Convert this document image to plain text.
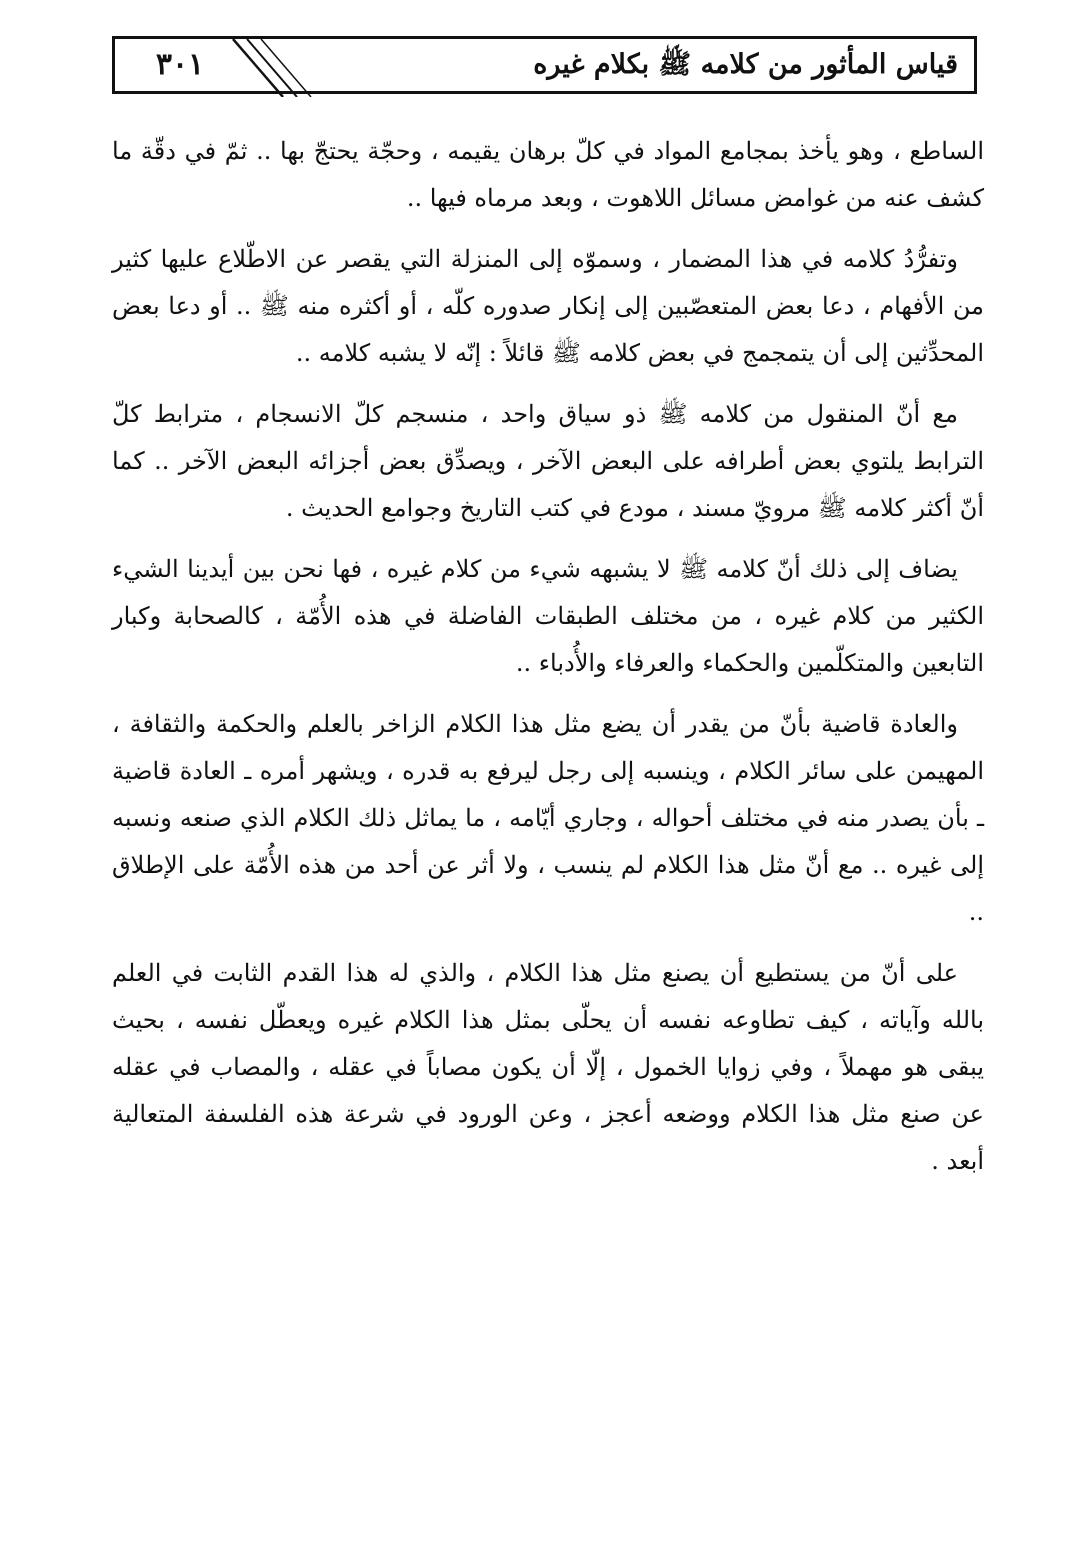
٣٠١	قياس المأثور من كلامه ﷺ بكلام غيره

الساطع ، وهو يأخذ بمجامع المواد في كلّ برهان يقيمه ، وحجّة يحتجّ بها .. ثمّ في دقّة ما كشف عنه من غوامض مسائل اللاهوت ، وبعد مرماه فيها ..

وتفرُّدُ كلامه في هذا المضمار ، وسموّه إلى المنزلة التي يقصر عن الاطّلاع عليها كثير من الأفهام ، دعا بعض المتعصّبين إلى إنكار صدوره كلّه ، أو أكثره منه ﷺ .. أو دعا بعض المحدِّثين إلى أن يتمجمج في بعض كلامه ﷺ قائلاً : إنّه لا يشبه كلامه ..

مع أنّ المنقول من كلامه ﷺ ذو سياق واحد ، منسجم كلّ الانسجام ، مترابط كلّ الترابط يلتوي بعض أطرافه على البعض الآخر ، ويصدِّق بعض أجزائه البعض الآخر .. كما أنّ أكثر كلامه ﷺ مرويّ مسند ، مودع في كتب التاريخ وجوامع الحديث .

يضاف إلى ذلك أنّ كلامه ﷺ لا يشبهه شيء من كلام غيره ، فها نحن بين أيدينا الشيء الكثير من كلام غيره ، من مختلف الطبقات الفاضلة في هذه الأُمّة ، كالصحابة وكبار التابعين والمتكلّمين والحكماء والعرفاء والأُدباء ..

والعادة قاضية بأنّ من يقدر أن يضع مثل هذا الكلام الزاخر بالعلم والحكمة والثقافة ، المهيمن على سائر الكلام ، وينسبه إلى رجل ليرفع به قدره ، ويشهر أمره ـ العادة قاضية ـ بأن يصدر منه في مختلف أحواله ، وجاري أيّامه ، ما يماثل ذلك الكلام الذي صنعه ونسبه إلى غيره .. مع أنّ مثل هذا الكلام لم ينسب ، ولا أثر عن أحد من هذه الأُمّة على الإطلاق ..

على أنّ من يستطيع أن يصنع مثل هذا الكلام ، والذي له هذا القدم الثابت في العلم بالله وآياته ، كيف تطاوعه نفسه أن يحلّى بمثل هذا الكلام غيره ويعطّل نفسه ، بحيث يبقى هو مهملاً ، وفي زوايا الخمول ، إلّا أن يكون مصاباً في عقله ، والمصاب في عقله عن صنع مثل هذا الكلام ووضعه أعجز ، وعن الورود في شرعة هذه الفلسفة المتعالية أبعد .
